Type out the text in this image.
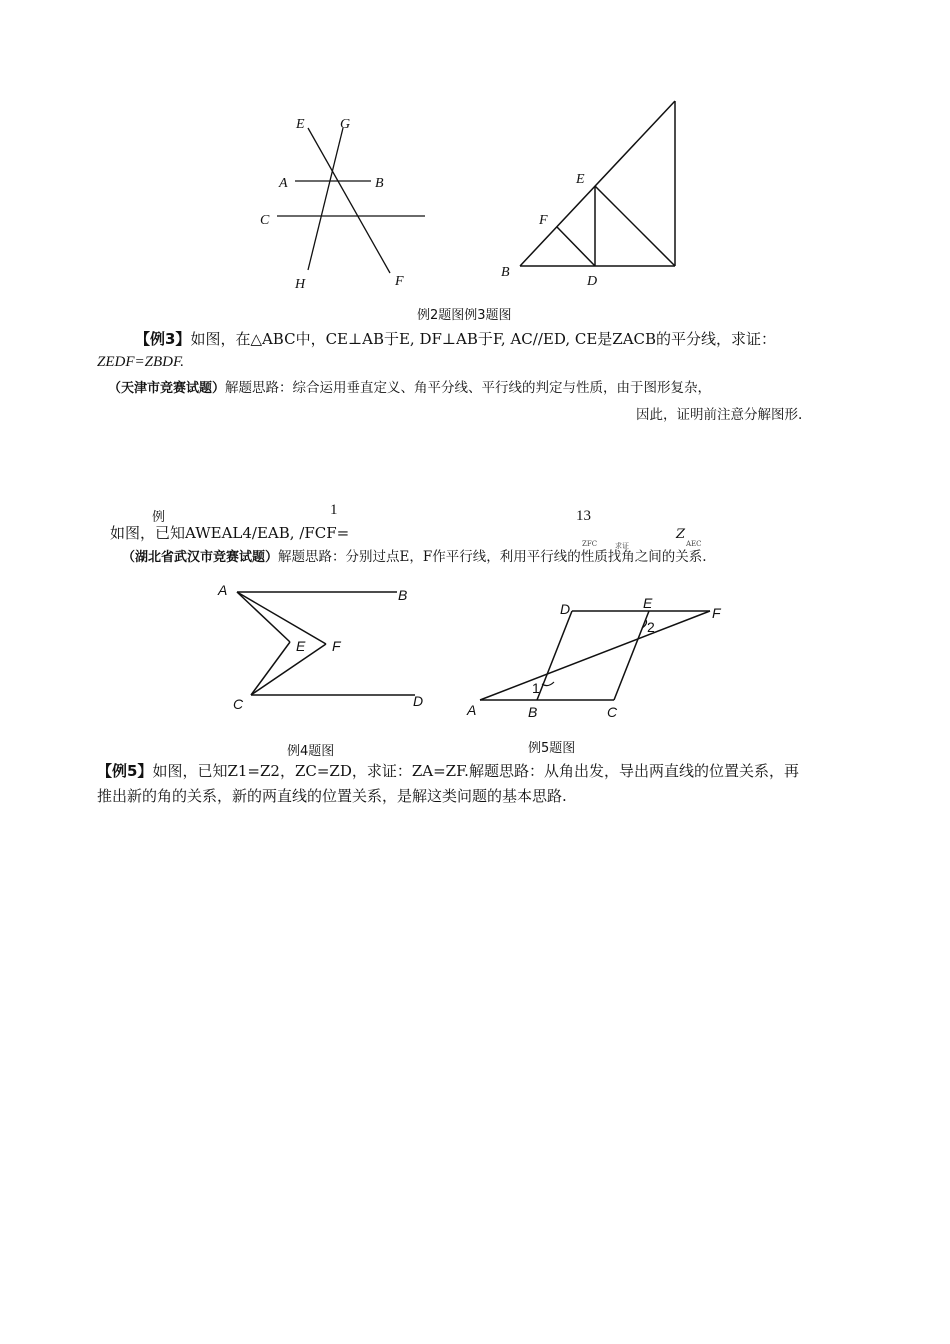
E	G
A	B
C
H	F
E
F
B
D
例2题图例3题图
【例3】如图，在△ABC中，CE⊥AB于E, DF⊥AB于F, AC//ED, CE是ZACB的平分线，求证：
ZEDF=ZBDF.
（天津市竞赛试题）解题思路：综合运用垂直定义、角平分线、平行线的判定与性质，由于图形复杂，
因此，证明前注意分解图形.
例	1	13
如图，已知AWEAL4/EAB, /FCF=
ZFC	求证
Z
AEC
（湖北省武汉市竞赛试题）解题思路：分别过点E，F作平行线，利用平行线的性质找角之间的关系.
A	B
E F
C	D
例4题图
D	E
F
A	B	C
1
2
例5题图
【例5】如图，已知Z1=Z2，ZC=ZD，求证：ZA=ZF.解题思路：从角出发，导出两直线的位置关系，再
推出新的角的关系，新的两直线的位置关系，是解这类问题的基本思路.
